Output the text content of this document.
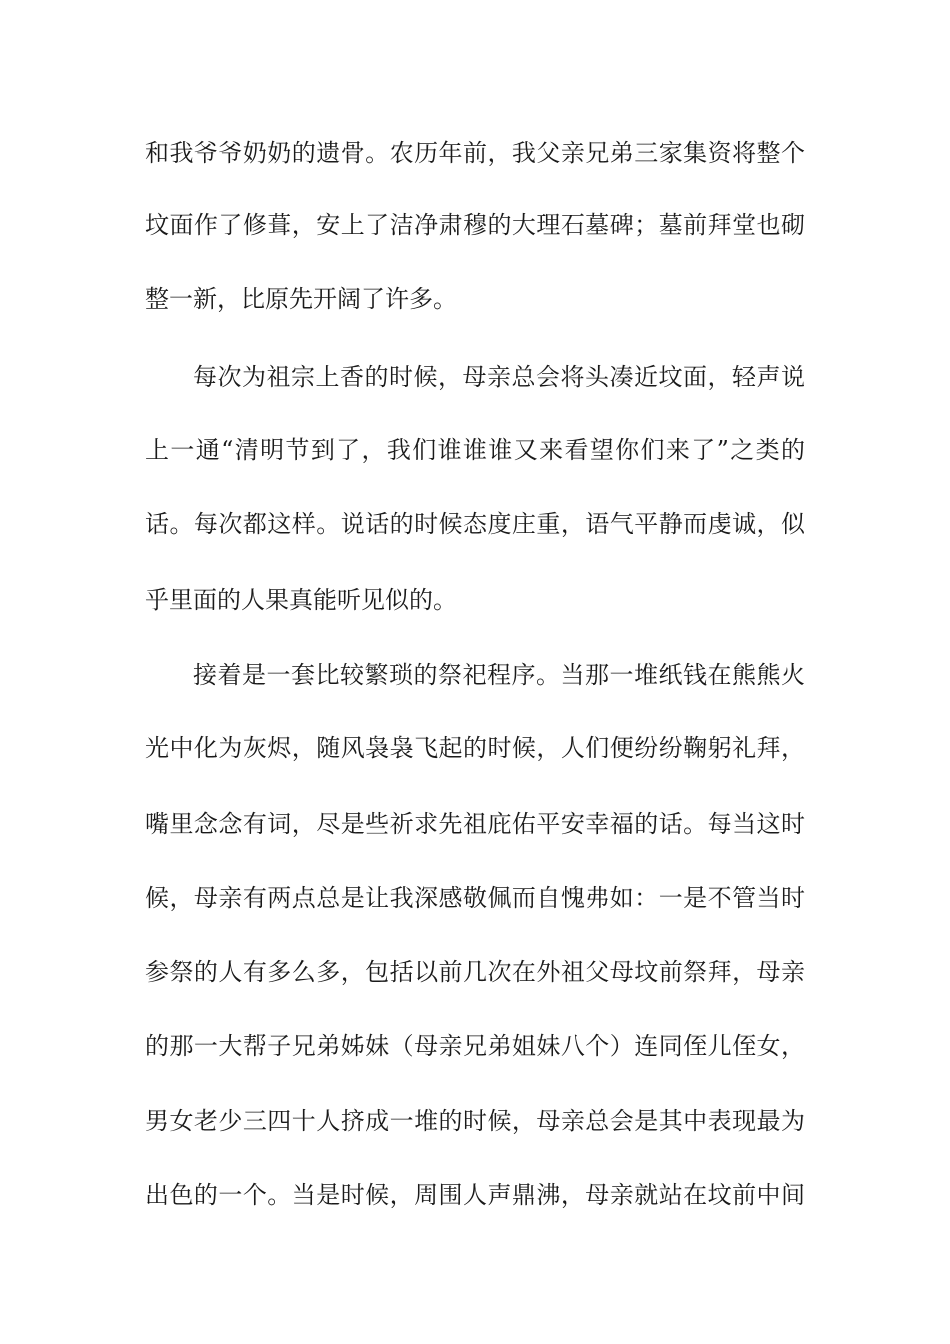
和我爷爷奶奶的遗骨。农历年前，我父亲兄弟三家集资将整个
坟面作了修葺，安上了洁净肃穆的大理石墓碑；墓前拜堂也砌
整一新，比原先开阔了许多。
每次为祖宗上香的时候，母亲总会将头凑近坟面，轻声说
上一通“清明节到了，我们谁谁谁又来看望你们来了”之类的
话。每次都这样。说话的时候态度庄重，语气平静而虔诚，似
乎里面的人果真能听见似的。
接着是一套比较繁琐的祭祀程序。当那一堆纸钱在熊熊火
光中化为灰烬，随风袅袅飞起的时候，人们便纷纷鞠躬礼拜，
嘴里念念有词，尽是些祈求先祖庇佑平安幸福的话。每当这时
候，母亲有两点总是让我深感敬佩而自愧弗如：一是不管当时
参祭的人有多么多，包括以前几次在外祖父母坟前祭拜，母亲
的那一大帮子兄弟姊妹（母亲兄弟姐妹八个）连同侄儿侄女，
男女老少三四十人挤成一堆的时候，母亲总会是其中表现最为
出色的一个。当是时候，周围人声鼎沸，母亲就站在坟前中间
